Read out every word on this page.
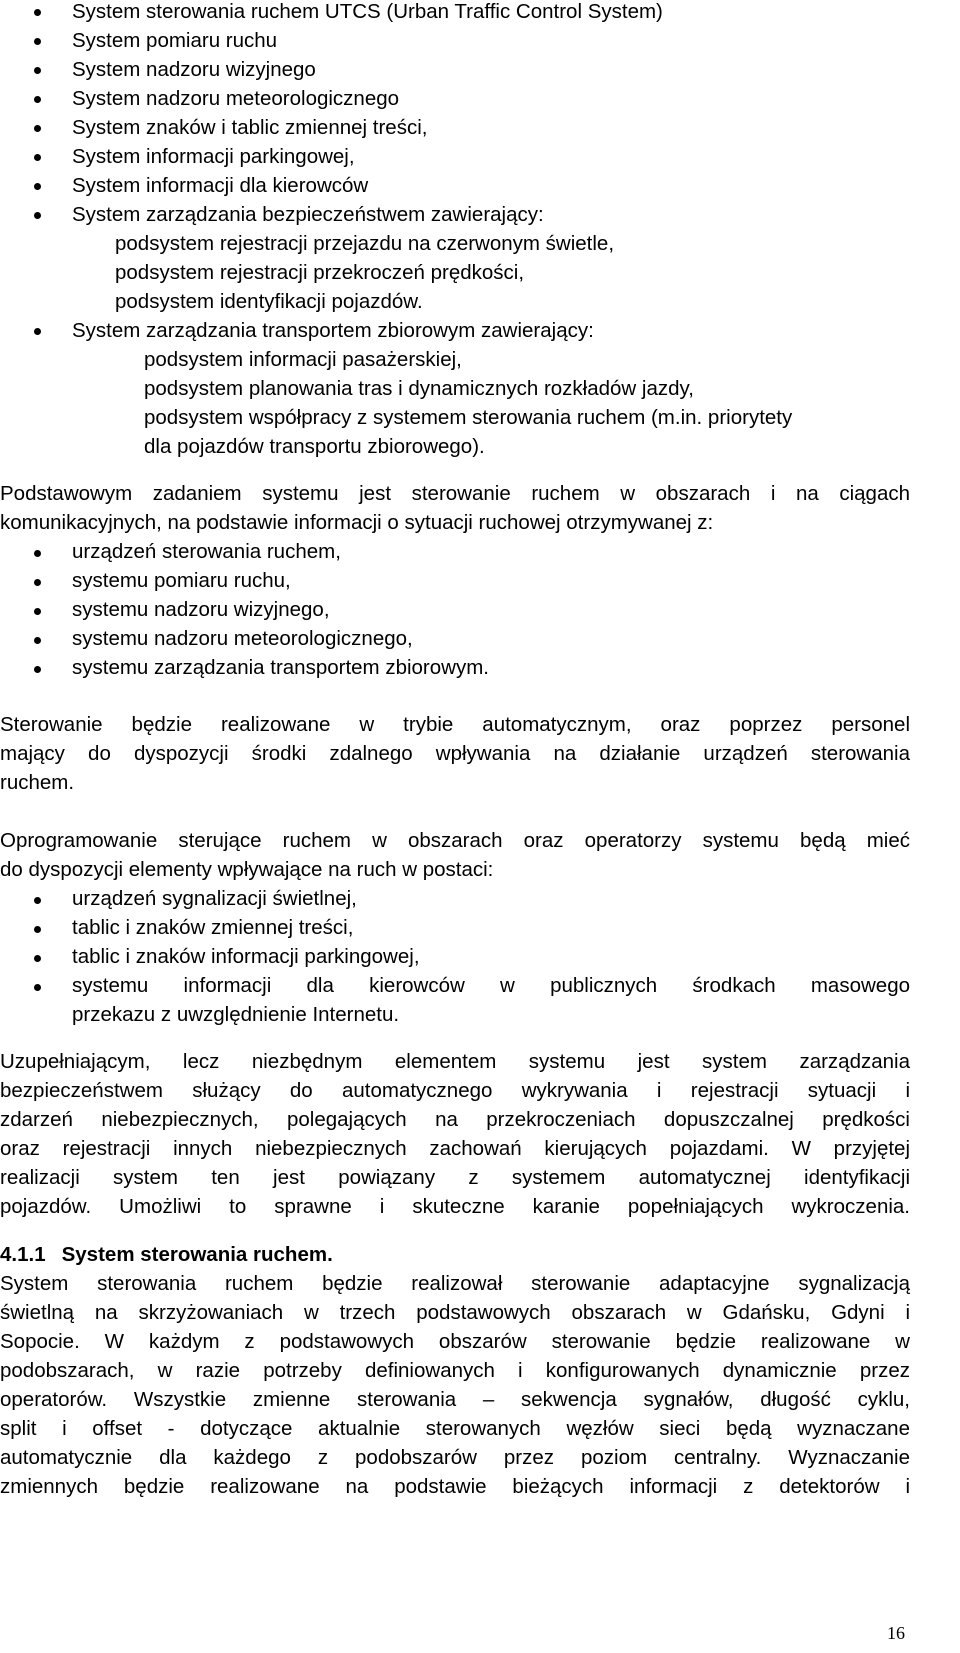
System sterowania ruchem UTCS (Urban Traffic Control System)
System pomiaru ruchu
System nadzoru wizyjnego
System nadzoru meteorologicznego
System znaków i tablic zmiennej treści,
System informacji parkingowej,
System informacji dla kierowców
System zarządzania bezpieczeństwem zawierający:
podsystem rejestracji przejazdu na czerwonym świetle,
podsystem rejestracji przekroczeń prędkości,
podsystem identyfikacji pojazdów.
System zarządzania transportem zbiorowym zawierający:
podsystem informacji pasażerskiej,
podsystem planowania tras i dynamicznych rozkładów jazdy,
podsystem współpracy z systemem sterowania ruchem (m.in. priorytety
dla pojazdów transportu zbiorowego).
Podstawowym zadaniem systemu jest sterowanie ruchem w obszarach i na ciągach
komunikacyjnych, na podstawie informacji o sytuacji ruchowej otrzymywanej z:
urządzeń sterowania ruchem,
systemu pomiaru ruchu,
systemu nadzoru wizyjnego,
systemu nadzoru meteorologicznego,
systemu zarządzania transportem zbiorowym.
Sterowanie będzie realizowane w trybie automatycznym, oraz poprzez personel
mający do dyspozycji środki zdalnego wpływania na działanie urządzeń sterowania
ruchem.
Oprogramowanie sterujące ruchem w obszarach oraz operatorzy systemu będą mieć
do dyspozycji elementy wpływające na ruch w postaci:
urządzeń sygnalizacji świetlnej,
tablic i znaków zmiennej treści,
tablic i znaków informacji parkingowej,
systemu informacji dla kierowców w publicznych środkach masowego
przekazu z uwzględnienie Internetu.
Uzupełniającym, lecz niezbędnym elementem systemu jest system zarządzania
bezpieczeństwem służący do automatycznego wykrywania i rejestracji sytuacji i
zdarzeń niebezpiecznych, polegających na przekroczeniach dopuszczalnej prędkości
oraz rejestracji innych niebezpiecznych zachowań kierujących pojazdami. W przyjętej
realizacji system ten jest powiązany z systemem automatycznej identyfikacji
pojazdów. Umożliwi to sprawne i skuteczne karanie popełniających wykroczenia.
4.1.1 System sterowania ruchem.
System sterowania ruchem będzie realizował sterowanie adaptacyjne sygnalizacją
świetlną na skrzyżowaniach w trzech podstawowych obszarach w Gdańsku, Gdyni i
Sopocie. W każdym z podstawowych obszarów sterowanie będzie realizowane w
podobszarach, w razie potrzeby definiowanych i konfigurowanych dynamicznie przez
operatorów. Wszystkie zmienne sterowania – sekwencja sygnałów, długość cyklu,
split i offset - dotyczące aktualnie sterowanych węzłów sieci będą wyznaczane
automatycznie dla każdego z podobszarów przez poziom centralny. Wyznaczanie
zmiennych będzie realizowane na podstawie bieżących informacji z detektorów i
16
